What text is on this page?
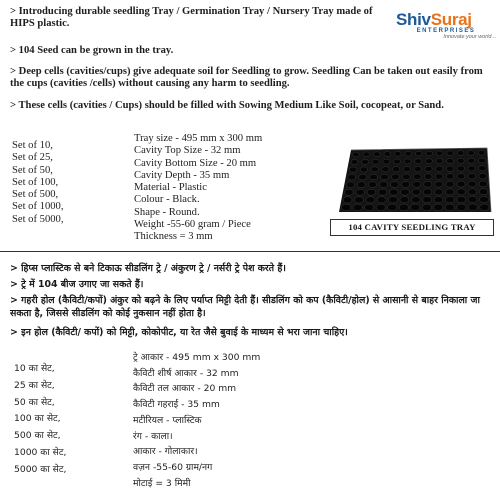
ShivSuraj
ENTERPRISES
Innovate your world...
> Introducing durable seedling Tray / Germination Tray / Nursery Tray made of HIPS plastic.
> 104 Seed can be grown in the tray.
> Deep cells (cavities/cups) give adequate soil for Seedling to grow. Seedling Can be taken out easily from the cups (cavities /cells) without causing any harm to seedling.
> These cells (cavities / Cups) should be filled with Sowing Medium Like Soil, cocopeat, or Sand.
Set of 10,
Set of 25,
Set of 50,
Set of 100,
Set of 500,
Set of 1000,
Set of 5000,
Tray size - 495 mm x 300 mm
Cavity Top Size - 32 mm
Cavity Bottom Size - 20 mm
Cavity Depth - 35 mm
Material - Plastic
Colour - Black.
Shape - Round.
Weight -55-60 gram / Piece
Thickness = 3 mm
104 CAVITY SEEDLING TRAY
> हिप्स प्लास्टिक से बने टिकाऊ सीडलिंग ट्रे / अंकुरण ट्रे / नर्सरी ट्रे पेश करते हैं।
> ट्रे में 104 बीज उगाए जा सकते हैं।
> गहरी होल (कैविटी/कपों) अंकुर को बढ़ने के लिए पर्याप्त मिट्टी देती हैं। सीडलिंग को कप (कैविटी/होल) से आसानी से बाहर निकाला जा सकता है, जिससे सीडलिंग को कोई नुकसान नहीं होता है।
> इन होल (कैविटी/ कपों) को मिट्टी, कोकोपीट, या रेत जैसे बुवाई के माध्यम से भरा जाना चाहिए।
10 का सेट,
25 का सेट,
50 का सेट,
100 का सेट,
500 का सेट,
1000 का सेट,
5000 का सेट,
ट्रे आकार - 495 mm x 300 mm
कैविटी शीर्ष आकार - 32 mm
कैविटी तल आकार - 20 mm
कैविटी गहराई - 35 mm
मटीरियल - प्लास्टिक
रंग - काला।
आकार - गोलाकार।
वज़न -55-60 ग्राम/नग
मोटाई = 3 मिमी
